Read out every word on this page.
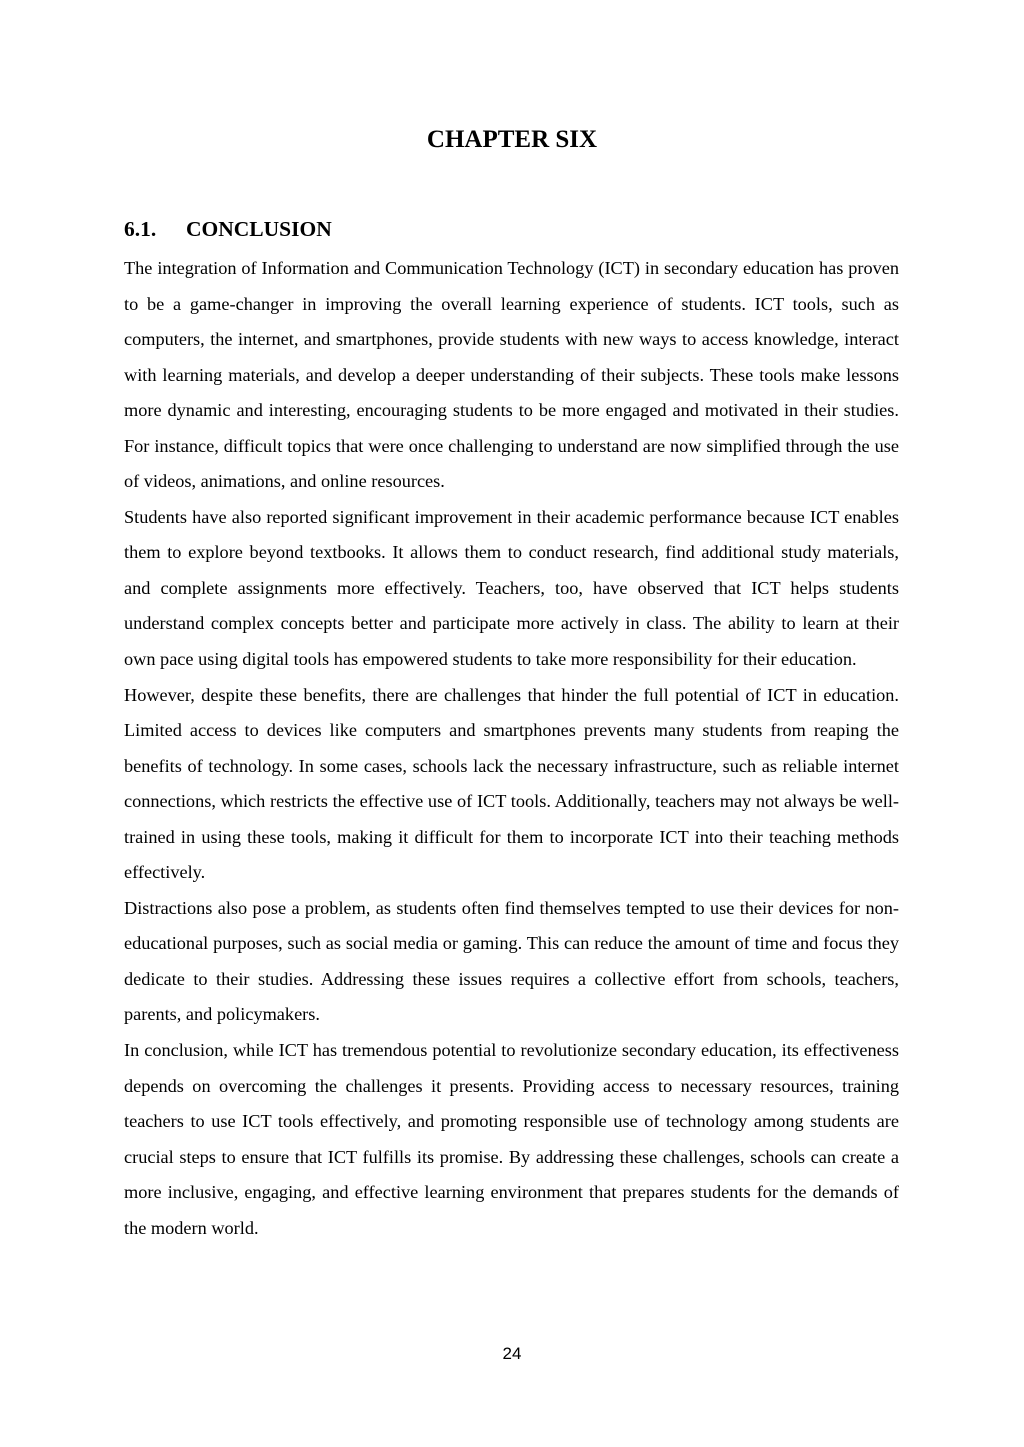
CHAPTER SIX
6.1.	CONCLUSION

The integration of Information and Communication Technology (ICT) in secondary education has proven to be a game-changer in improving the overall learning experience of students. ICT tools, such as computers, the internet, and smartphones, provide students with new ways to access knowledge, interact with learning materials, and develop a deeper understanding of their subjects. These tools make lessons more dynamic and interesting, encouraging students to be more engaged and motivated in their studies. For instance, difficult topics that were once challenging to understand are now simplified through the use of videos, animations, and online resources.

Students have also reported significant improvement in their academic performance because ICT enables them to explore beyond textbooks. It allows them to conduct research, find additional study materials, and complete assignments more effectively. Teachers, too, have observed that ICT helps students understand complex concepts better and participate more actively in class. The ability to learn at their own pace using digital tools has empowered students to take more responsibility for their education.

However, despite these benefits, there are challenges that hinder the full potential of ICT in education. Limited access to devices like computers and smartphones prevents many students from reaping the benefits of technology. In some cases, schools lack the necessary infrastructure, such as reliable internet connections, which restricts the effective use of ICT tools. Additionally, teachers may not always be well-trained in using these tools, making it difficult for them to incorporate ICT into their teaching methods effectively.

Distractions also pose a problem, as students often find themselves tempted to use their devices for non-educational purposes, such as social media or gaming. This can reduce the amount of time and focus they dedicate to their studies. Addressing these issues requires a collective effort from schools, teachers, parents, and policymakers.

In conclusion, while ICT has tremendous potential to revolutionize secondary education, its effectiveness depends on overcoming the challenges it presents. Providing access to necessary resources, training teachers to use ICT tools effectively, and promoting responsible use of technology among students are crucial steps to ensure that ICT fulfills its promise. By addressing these challenges, schools can create a more inclusive, engaging, and effective learning environment that prepares students for the demands of the modern world.

24
